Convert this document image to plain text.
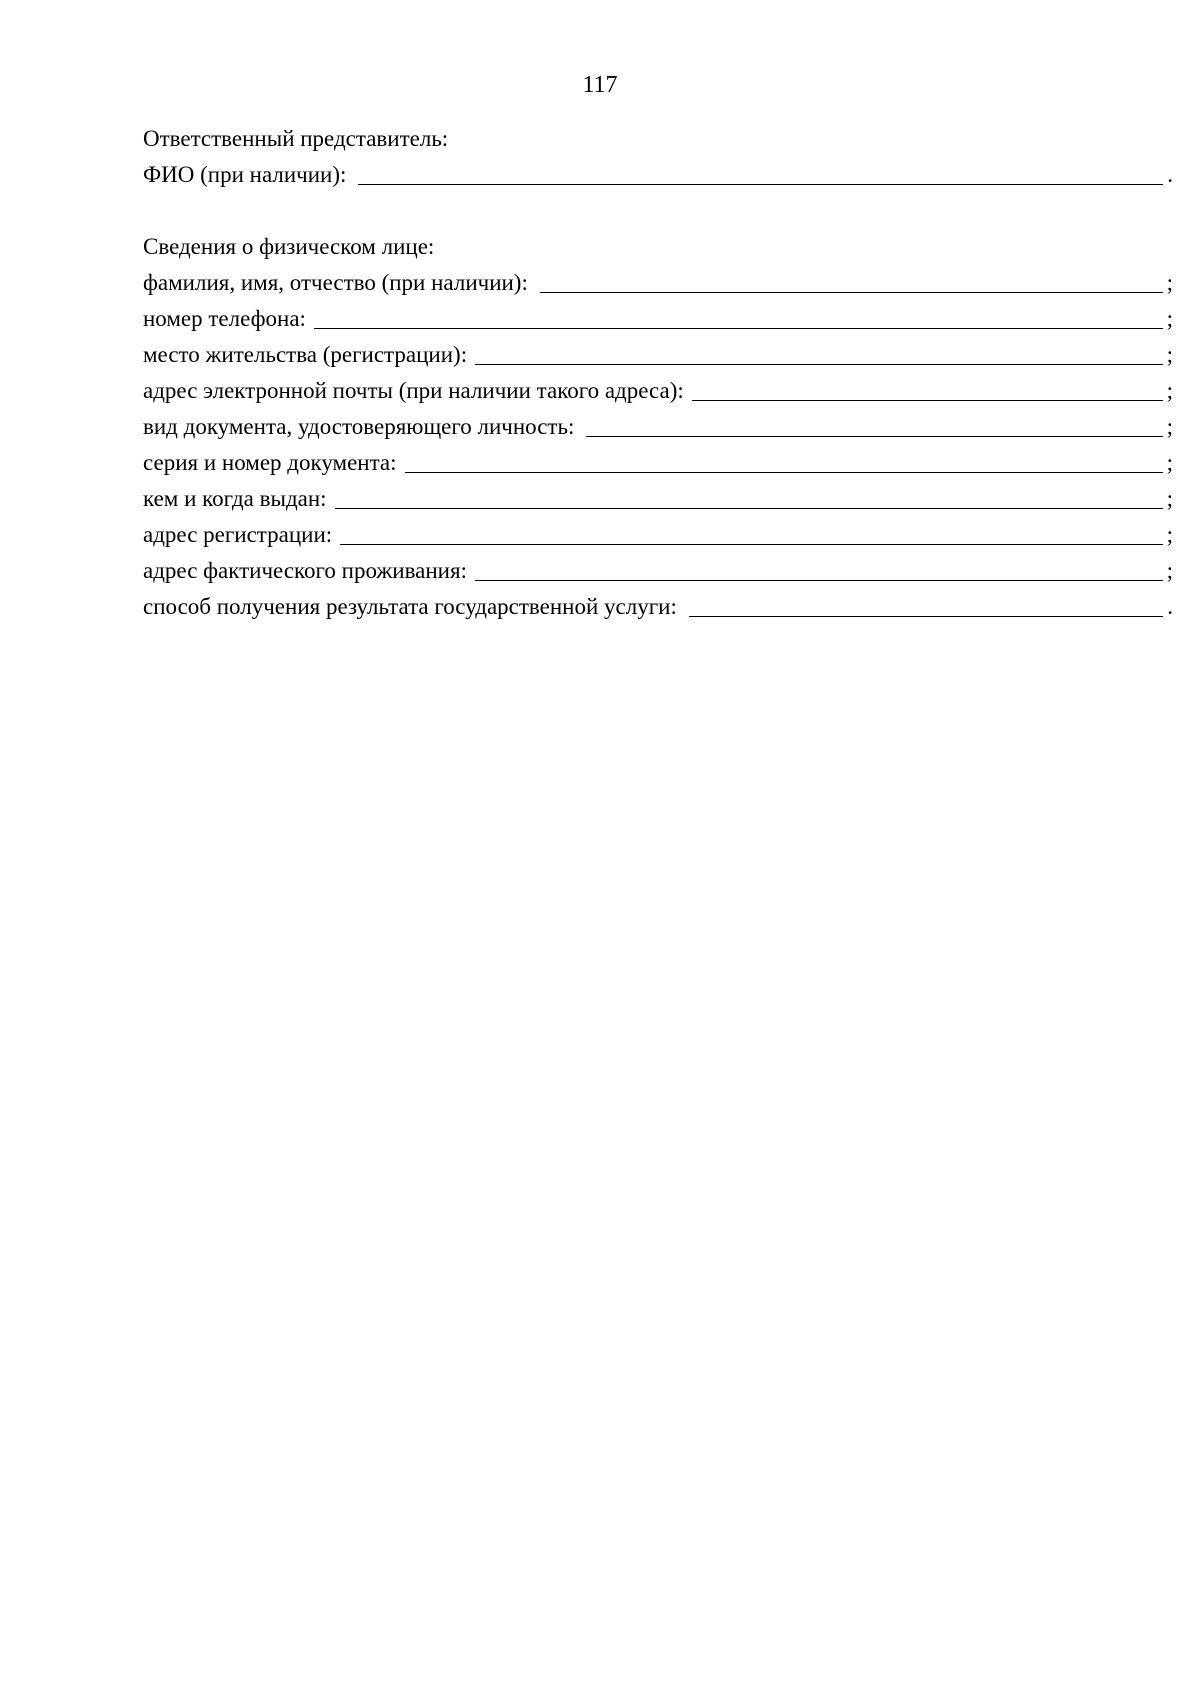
117
Ответственный представитель:
ФИО (при наличии):	.
Сведения о физическом лице:
фамилия, имя, отчество (при наличии):	;
номер телефона:	;
место жительства (регистрации):	;
адрес электронной почты (при наличии такого адреса):	;
вид документа, удостоверяющего личность:	;
серия и номер документа:	;
кем и когда выдан:	;
адрес регистрации:	;
адрес фактического проживания:	;
способ получения результата государственной услуги:	.
